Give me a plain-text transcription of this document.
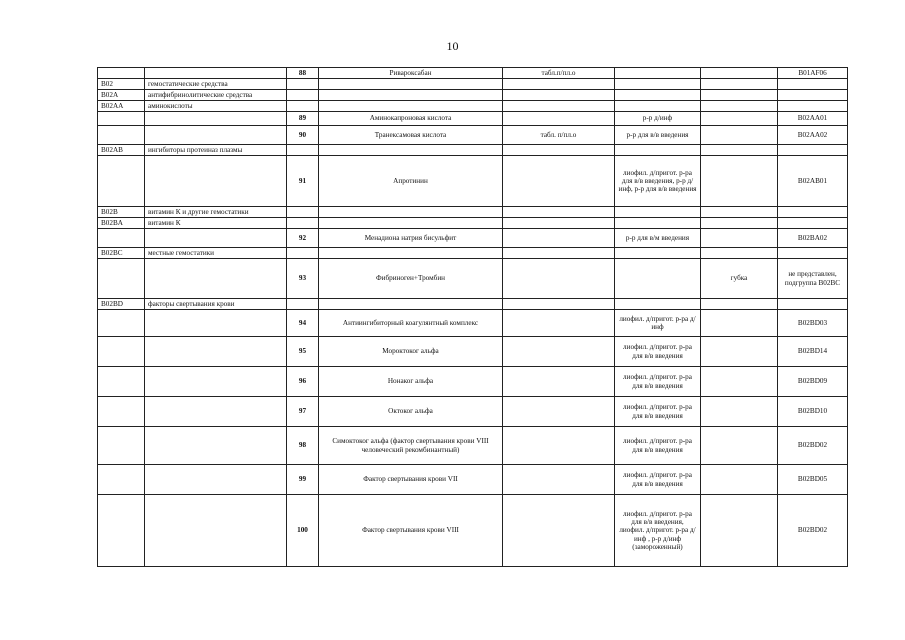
10
		88	Ривароксабан	табл.п/пл.о			B01AF06
B02	гемостатические средства						
B02A	антифибринолитические средства						
B02AA	аминокислоты						
		89	Аминокапроновая кислота		р-р д/инф		B02AA01
		90	Транексамовая кислота	табл. п/пл.о	р-р для в/в введения		B02AA02
B02AB	ингибиторы протеиназ плазмы						
		91	Апротинин		лиофил. д/пригот. р-ра для в/в введения, р-р д/инф, р-р для в/в введения		B02AB01
B02B	витамин К и другие гемостатики						
B02BA	витамин К						
		92	Менадиона натрия бисульфит		р-р для в/м введения		B02BA02
B02BC	местные гемостатики						
		93	Фибриноген+Тромбин			губка	не представлен, подгруппа B02BC
B02BD	факторы свертывания крови						
		94	Антиингибиторный коагулянтный комплекс		лиофил. д/пригот. р-ра д/инф		B02BD03
		95	Мороктоког альфа		лиофил. д/пригот. р-ра для в/в введения		B02BD14
		96	Нонаког альфа		лиофил. д/пригот. р-ра для в/в введения		B02BD09
		97	Октоког альфа		лиофил. д/пригот. р-ра для в/в введения		B02BD10
		98	Симоктоког альфа (фактор свертывания крови VIII человеческий рекомбинантный)		лиофил. д/пригот. р-ра для в/в введения		B02BD02
		99	Фактор свертывания крови VII		лиофил. д/пригот. р-ра для в/в введения		B02BD05
		100	Фактор свертывания крови VIII		лиофил. д/пригот. р-ра для в/в введения, лиофил. д/пригот. р-ра д/инф , р-р д/инф (замороженный)		B02BD02
